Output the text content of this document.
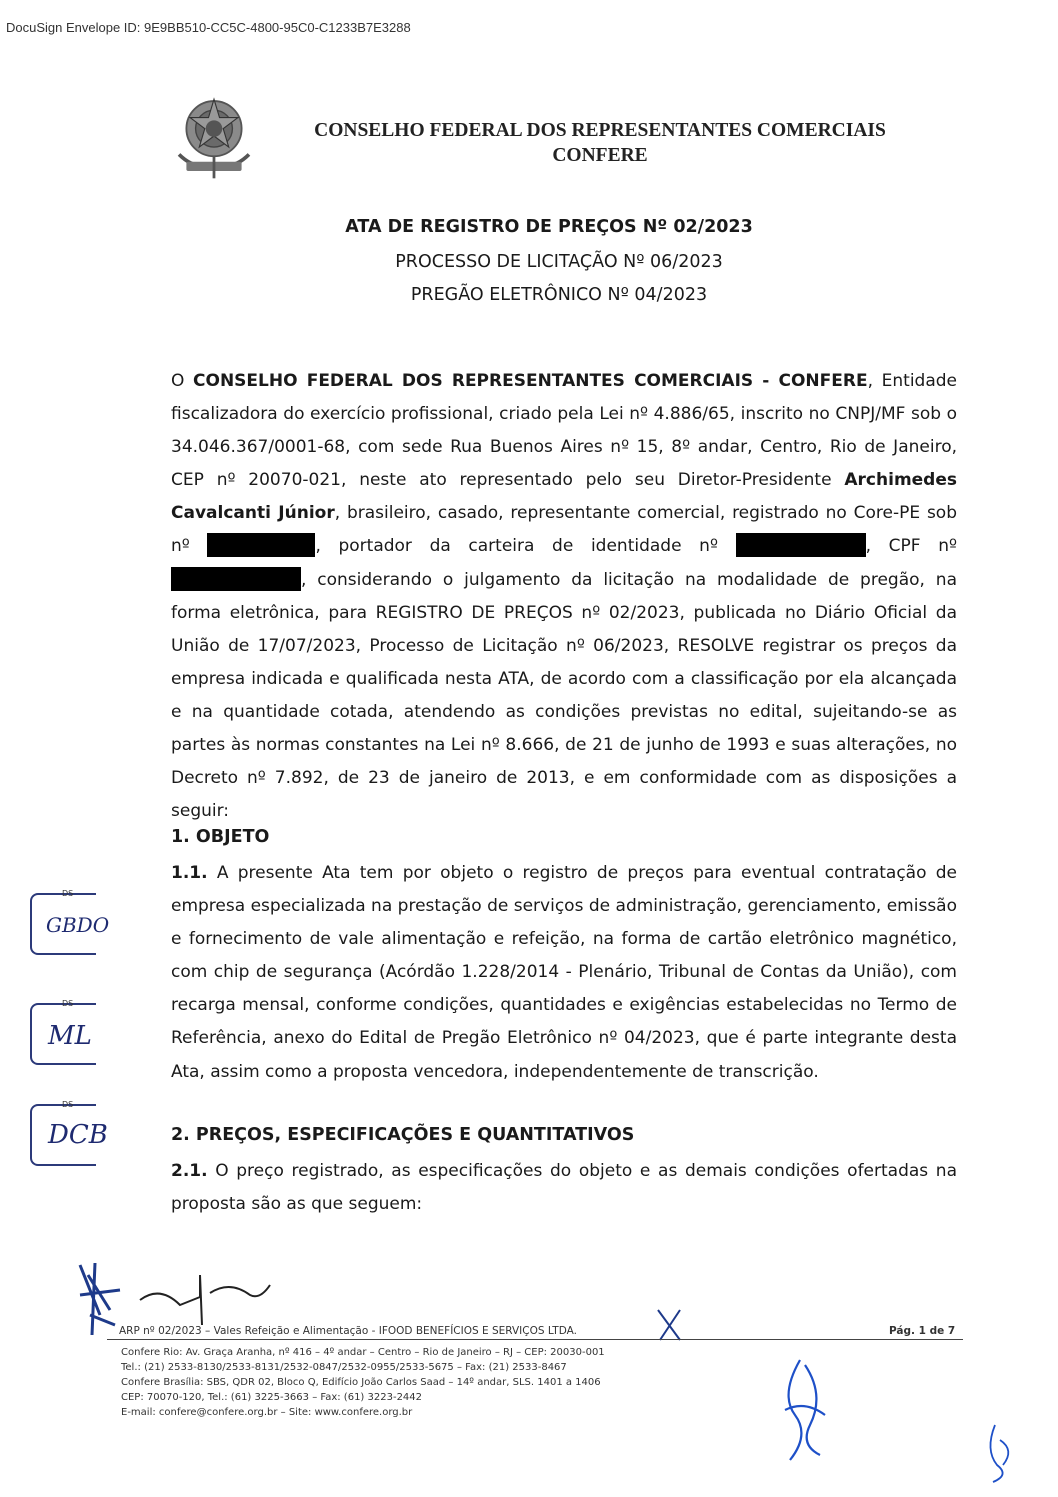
DocuSign Envelope ID: 9E9BB510-CC5C-4800-95C0-C1233B7E3288
CONSELHO FEDERAL DOS REPRESENTANTES COMERCIAIS
CONFERE
ATA DE REGISTRO DE PREÇOS Nº 02/2023
PROCESSO DE LICITAÇÃO Nº 06/2023
PREGÃO ELETRÔNICO Nº 04/2023
O CONSELHO FEDERAL DOS REPRESENTANTES COMERCIAIS - CONFERE, Entidade fiscalizadora do exercício profissional, criado pela Lei nº 4.886/65, inscrito no CNPJ/MF sob o 34.046.367/0001-68, com sede Rua Buenos Aires nº 15, 8º andar, Centro, Rio de Janeiro, CEP nº 20070-021, neste ato representado pelo seu Diretor-Presidente Archimedes Cavalcanti Júnior, brasileiro, casado, representante comercial, registrado no Core-PE sob nº	, portador da carteira de identidade nº	, CPF nº , considerando o julgamento da licitação na modalidade de pregão, na forma eletrônica, para REGISTRO DE PREÇOS nº 02/2023, publicada no Diário Oficial da União de 17/07/2023, Processo de Licitação nº 06/2023, RESOLVE registrar os preços da empresa indicada e qualificada nesta ATA, de acordo com a classificação por ela alcançada e na quantidade cotada, atendendo as condições previstas no edital, sujeitando-se as partes às normas constantes na Lei nº 8.666, de 21 de junho de 1993 e suas alterações, no Decreto nº 7.892, de 23 de janeiro de 2013, e em conformidade com as disposições a seguir:
1. OBJETO
1.1. A presente Ata tem por objeto o registro de preços para eventual contratação de empresa especializada na prestação de serviços de administração, gerenciamento, emissão e fornecimento de vale alimentação e refeição, na forma de cartão eletrônico magnético, com chip de segurança (Acórdão 1.228/2014 - Plenário, Tribunal de Contas da União), com recarga mensal, conforme condições, quantidades e exigências estabelecidas no Termo de Referência, anexo do Edital de Pregão Eletrônico nº 04/2023, que é parte integrante desta Ata, assim como a proposta vencedora, independentemente de transcrição.
2. PREÇOS, ESPECIFICAÇÕES E QUANTITATIVOS
2.1. O preço registrado, as especificações do objeto e as demais condições ofertadas na proposta são as que seguem:
DS
GBDO
DS
ML
DS
DCB
ARP nº 02/2023 – Vales Refeição e Alimentação - IFOOD BENEFÍCIOS E SERVIÇOS LTDA.	Pág. 1 de 7
Confere Rio: Av. Graça Aranha, nº 416 – 4º andar – Centro – Rio de Janeiro – RJ – CEP: 20030-001
Tel.: (21) 2533-8130/2533-8131/2532-0847/2532-0955/2533-5675 – Fax: (21) 2533-8467
Confere Brasília: SBS, QDR 02, Bloco Q, Edifício João Carlos Saad – 14º andar, SLS. 1401 a 1406
CEP: 70070-120, Tel.: (61) 3225-3663 – Fax: (61) 3223-2442
E-mail: confere@confere.org.br – Site: www.confere.org.br
